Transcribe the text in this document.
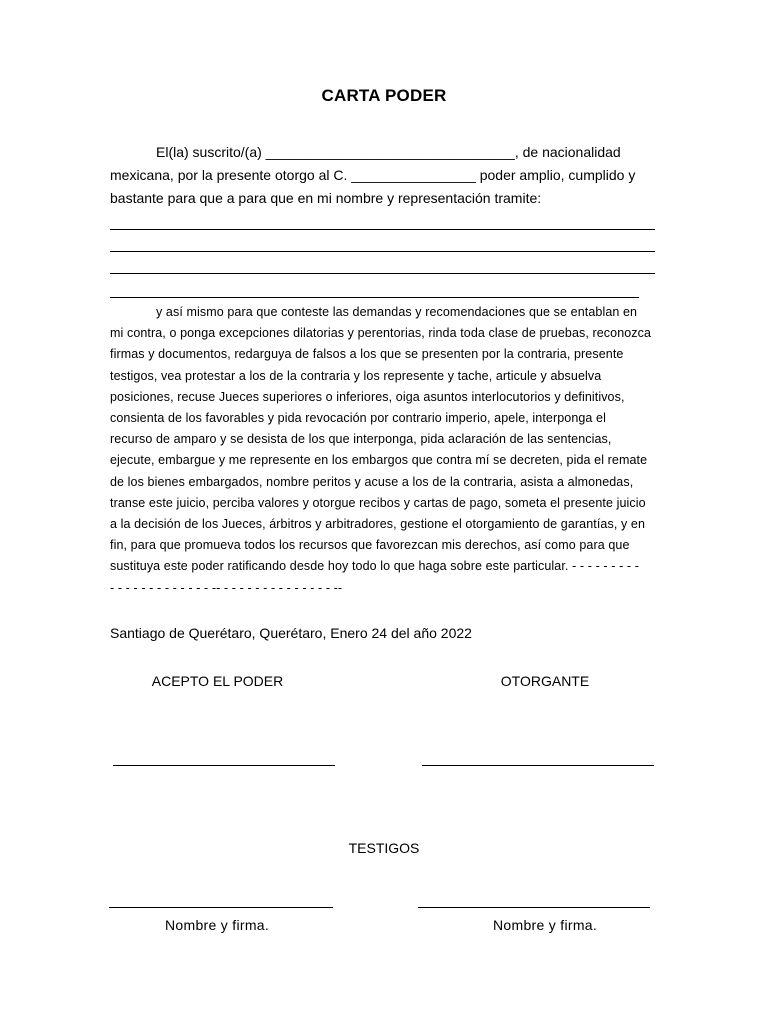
CARTA PODER

El(la) suscrito/(a) ________________________________, de nacionalidad

mexicana, por la presente otorgo al C. ________________ poder amplio, cumplido y

bastante para que a para que en mi nombre y representación tramite:

y así mismo para que conteste las demandas y recomendaciones que se entablan en

mi contra, o ponga excepciones dilatorias y perentorias, rinda toda clase de pruebas, reconozca

firmas y documentos, redarguya de falsos a los que se presenten por la contraria, presente

testigos, vea protestar a los de la contraria y los represente y tache, articule y absuelva

posiciones, recuse Jueces superiores o inferiores, oiga asuntos interlocutorios y definitivos,

consienta de los favorables y pida revocación por contrario imperio, apele, interponga el

recurso de amparo y se desista de los que interponga, pida aclaración de las sentencias,

ejecute, embargue y me represente en los embargos que contra mí se decreten, pida el remate

de los bienes embargados, nombre peritos y acuse a los de la contraria, asista a almonedas,

transe este juicio, perciba valores y otorgue recibos y cartas de pago, someta el presente juicio

a la decisión de los Jueces, árbitros y arbitradores, gestione el otorgamiento de garantías, y en

fin, para que promueva todos los recursos que favorezcan mis derechos, así como para que

sustituya este poder ratificando desde hoy todo lo que haga sobre este particular. - - - - - - - - -

- - - - - - - - - - - - - -- - - - - - - - - - - - - - - --

Santiago de Querétaro, Querétaro, Enero 24 del año 2022
ACEPTO EL PODER	OTORGANTE
TESTIGOS
Nombre y firma.	Nombre y firma.
